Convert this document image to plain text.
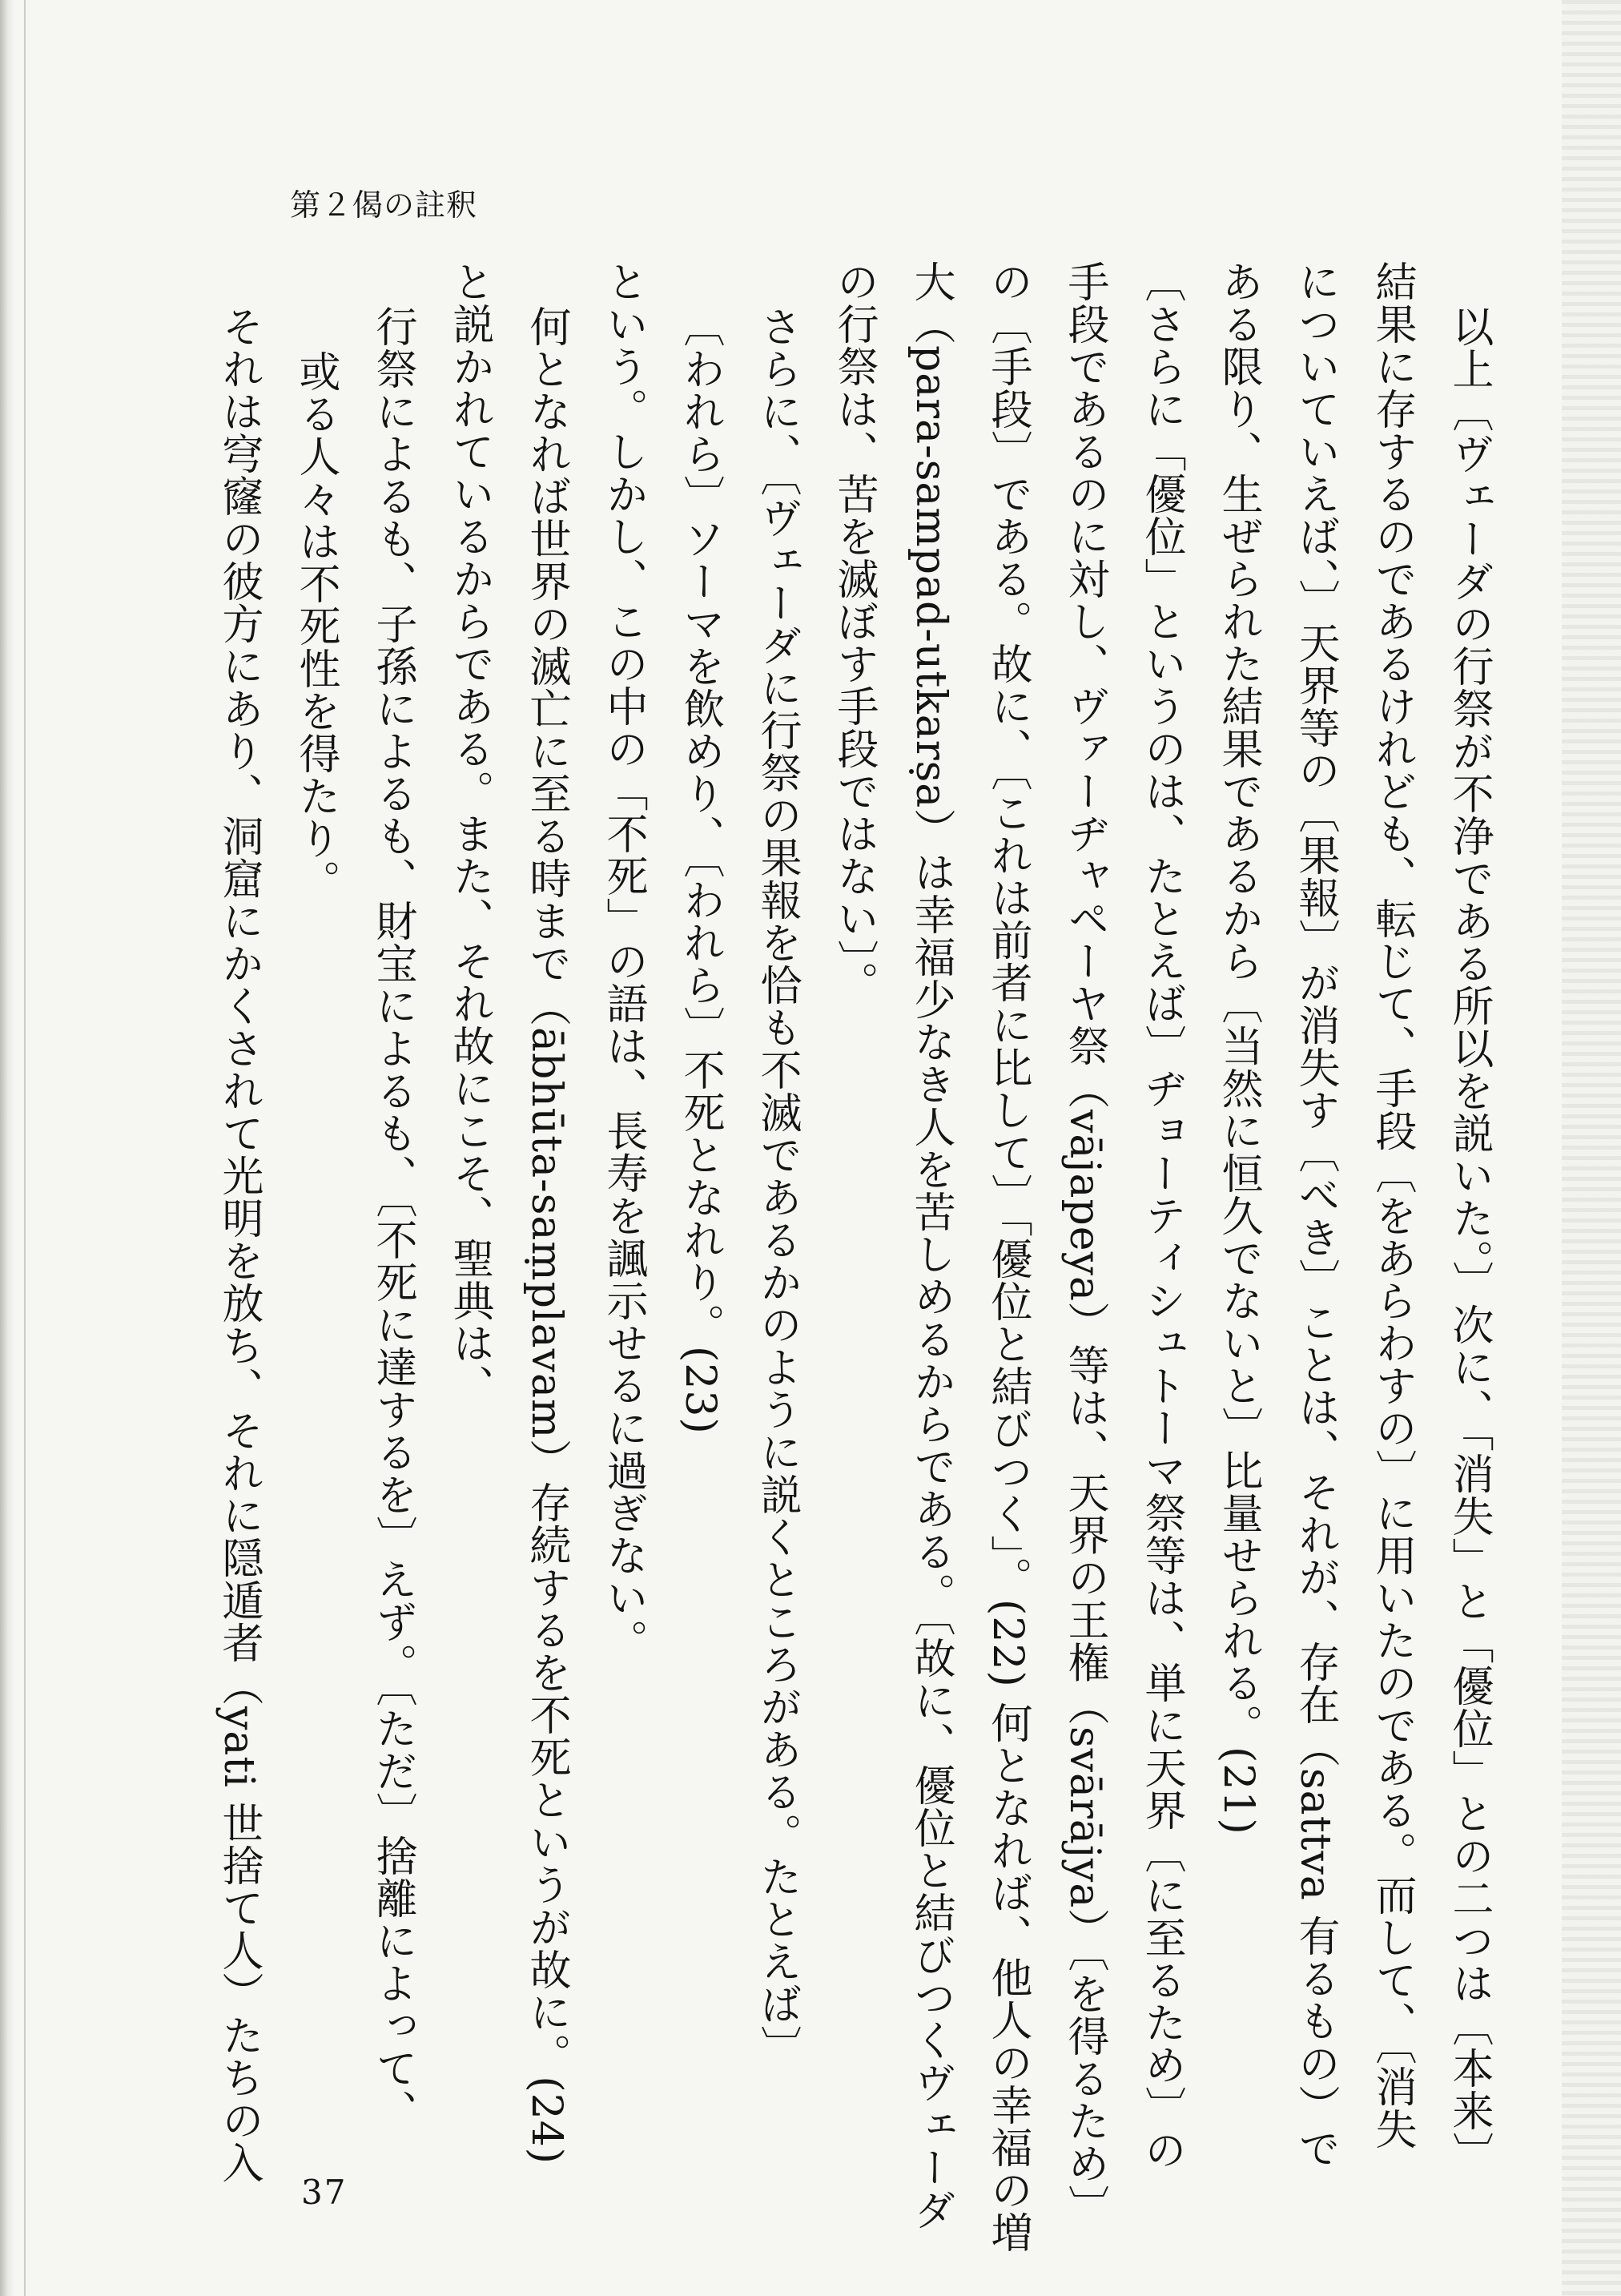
第２偈の註釈
以上〔ヴェーダの行祭が不浄である所以を説いた。〕次に、「消失」と「優位」との二つは〔本来〕
結果に存するのであるけれども、転じて、手段〔をあらわすの〕に用いたのである。而して、〔消失
についていえば、〕天界等の〔果報〕が消失す〔べき〕ことは、それが、存在（sattva 有るもの）で
ある限り、生ぜられた結果であるから〔当然に恒久でないと〕比量せられる。(21)
〔さらに「優位」というのは、たとえば〕ヂョーティシュトーマ祭等は、単に天界〔に至るため〕の
手段であるのに対し、ヴァーヂャペーヤ祭（vājapeya）等は、天界の王権（svārājya）〔を得るため〕
の〔手段〕である。故に、〔これは前者に比して〕「優位と結びつく」。(22) 何となれば、他人の幸福の増
大（para-sampad-utkarṣa）は幸福少なき人を苦しめるからである。〔故に、優位と結びつくヴェーダ
の行祭は、苦を滅ぼす手段ではない〕。
さらに、〔ヴェーダに行祭の果報を恰も不滅であるかのように説くところがある。たとえば〕
〔われら〕ソーマを飲めり、〔われら〕不死となれり。(23)
という。しかし、この中の「不死」の語は、長寿を諷示せるに過ぎない。
何となれば世界の滅亡に至る時まで（ābhūta-saṃplavam）存続するを不死というが故に。(24)
と説かれているからである。また、それ故にこそ、聖典は、
行祭によるも、子孫によるも、財宝によるも、〔不死に達するを〕えず。〔ただ〕捨離によって、
或る人々は不死性を得たり。
それは穹窿の彼方にあり、洞窟にかくされて光明を放ち、それに隠遁者（yati 世捨て人）たちの入
37
